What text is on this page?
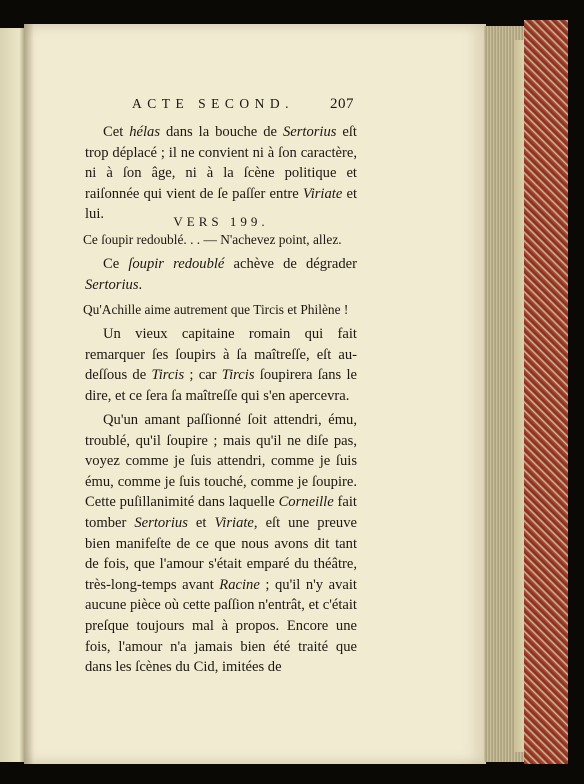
ACTE SECOND. 207

Cet hélas dans la bouche de Sertorius eſt trop déplacé ; il ne convient ni à ſon caractère, ni à ſon âge, ni à la ſcène politique et raiſonnée qui vient de ſe paſſer entre Viriate et lui.	VERS 199.

Ce ſoupir redoublé. . . — N'achevez point, allez.

Ce ſoupir redoublé achève de dégrader Sertorius.

Qu'Achille aime autrement que Tircis et Philène !

Un vieux capitaine romain qui fait remarquer ſes ſoupirs à ſa maîtreſſe, eſt au-deſſous de Tircis ; car Tircis ſoupirera ſans le dire, et ce ſera ſa maîtreſſe qui s'en apercevra.

Qu'un amant paſſionné ſoit attendri, ému, troublé, qu'il ſoupire ; mais qu'il ne diſe pas, voyez comme je ſuis attendri, comme je ſuis ému, comme je ſuis touché, comme je ſoupire. Cette puſillanimité dans laquelle Corneille fait tomber Sertorius et Viriate, eſt une preuve bien manifeſte de ce que nous avons dit tant de fois, que l'amour s'était emparé du théâtre, très-long-temps avant Racine ; qu'il n'y avait aucune pièce où cette paſſion n'entrât, et c'était preſque toujours mal à propos. Encore une fois, l'amour n'a jamais bien été traité que dans les ſcènes du Cid, imitées de
